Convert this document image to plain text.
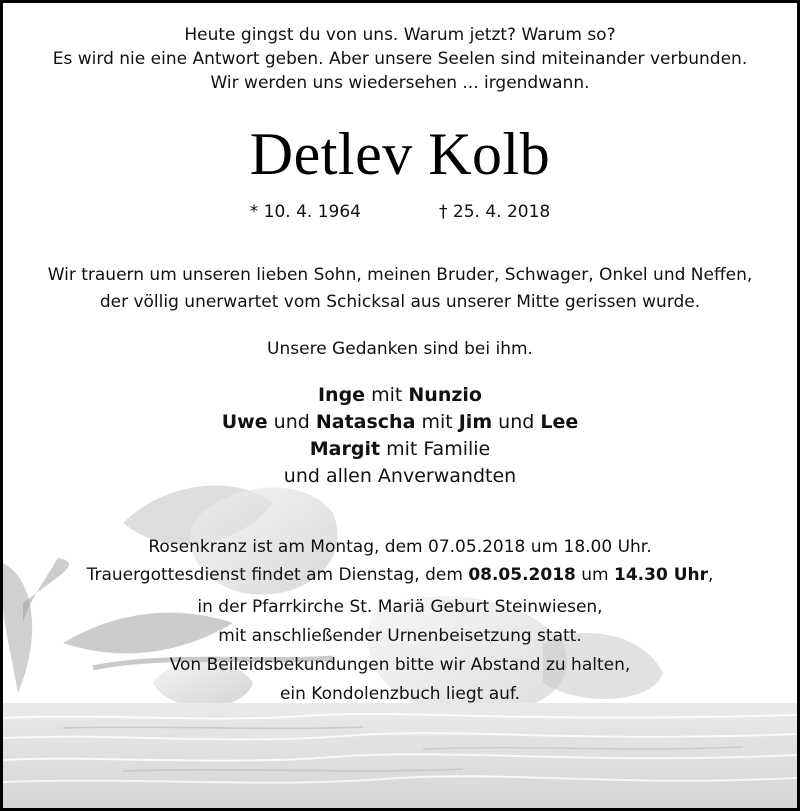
Heute gingst du von uns. Warum jetzt? Warum so?
Es wird nie eine Antwort geben. Aber unsere Seelen sind miteinander verbunden.
Wir werden uns wiedersehen ... irgendwann.
Detlev Kolb
* 10. 4. 1964	† 25. 4. 2018
Wir trauern um unseren lieben Sohn, meinen Bruder, Schwager, Onkel und Neffen,
der völlig unerwartet vom Schicksal aus unserer Mitte gerissen wurde.
Unsere Gedanken sind bei ihm.
Inge mit Nunzio
Uwe und Natascha mit Jim und Lee
Margit mit Familie
und allen Anverwandten
Rosenkranz ist am Montag, dem 07.05.2018 um 18.00 Uhr.
Trauergottesdienst findet am Dienstag, dem 08.05.2018 um 14.30 Uhr,
in der Pfarrkirche St. Mariä Geburt Steinwiesen,
mit anschließender Urnenbeisetzung statt.
Von Beileidsbekundungen bitte wir Abstand zu halten,
ein Kondolenzbuch liegt auf.
